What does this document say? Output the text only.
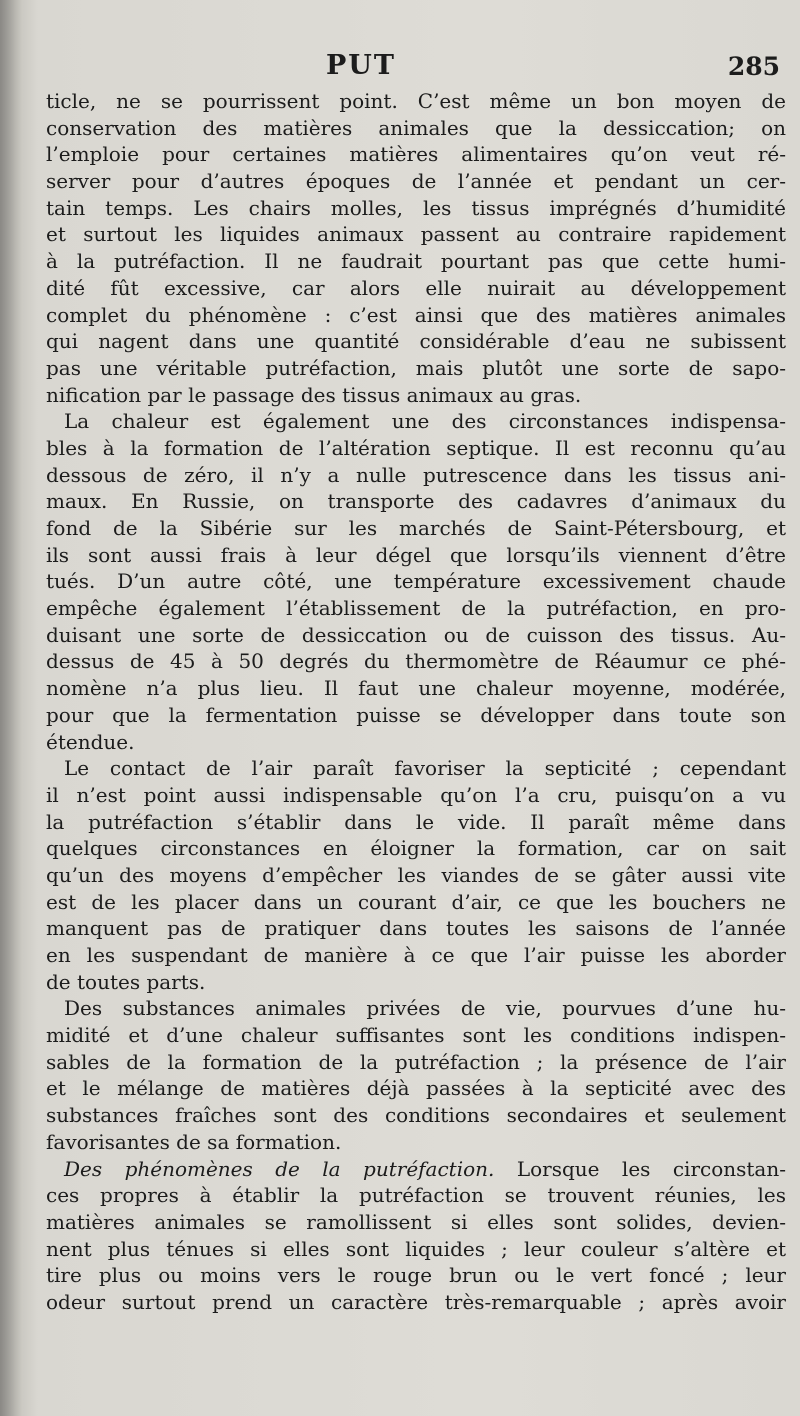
PUT	285
ticle, ne se pourrissent point. C’est même un bon moyen de
conservation des matières animales que la dessiccation; on
l’emploie pour certaines matières alimentaires qu’on veut ré-
server pour d’autres époques de l’année et pendant un cer-
tain temps. Les chairs molles, les tissus imprégnés d’humidité
et surtout les liquides animaux passent au contraire rapidement
à la putréfaction. Il ne faudrait pourtant pas que cette humi-
dité fût excessive, car alors elle nuirait au développement
complet du phénomène : c’est ainsi que des matières animales
qui nagent dans une quantité considérable d’eau ne subissent
pas une véritable putréfaction, mais plutôt une sorte de sapo-
nification par le passage des tissus animaux au gras.
La chaleur est également une des circonstances indispensa-
bles à la formation de l’altération septique. Il est reconnu qu’au
dessous de zéro, il n’y a nulle putrescence dans les tissus ani-
maux. En Russie, on transporte des cadavres d’animaux du
fond de la Sibérie sur les marchés de Saint-Pétersbourg, et
ils sont aussi frais à leur dégel que lorsqu’ils viennent d’être
tués. D’un autre côté, une température excessivement chaude
empêche également l’établissement de la putréfaction, en pro-
duisant une sorte de dessiccation ou de cuisson des tissus. Au-
dessus de 45 à 50 degrés du thermomètre de Réaumur ce phé-
nomène n’a plus lieu. Il faut une chaleur moyenne, modérée,
pour que la fermentation puisse se développer dans toute son
étendue.
Le contact de l’air paraît favoriser la septicité ; cependant
il n’est point aussi indispensable qu’on l’a cru, puisqu’on a vu
la putréfaction s’établir dans le vide. Il paraît même dans
quelques circonstances en éloigner la formation, car on sait
qu’un des moyens d’empêcher les viandes de se gâter aussi vite
est de les placer dans un courant d’air, ce que les bouchers ne
manquent pas de pratiquer dans toutes les saisons de l’année
en les suspendant de manière à ce que l’air puisse les aborder
de toutes parts.
Des substances animales privées de vie, pourvues d’une hu-
midité et d’une chaleur suffisantes sont les conditions indispen-
sables de la formation de la putréfaction ; la présence de l’air
et le mélange de matières déjà passées à la septicité avec des
substances fraîches sont des conditions secondaires et seulement
favorisantes de sa formation.
Des phénomènes de la putréfaction. Lorsque les circonstan-
ces propres à établir la putréfaction se trouvent réunies, les
matières animales se ramollissent si elles sont solides, devien-
nent plus ténues si elles sont liquides ; leur couleur s’altère et
tire plus ou moins vers le rouge brun ou le vert foncé ; leur
odeur surtout prend un caractère très-remarquable ; après avoir
